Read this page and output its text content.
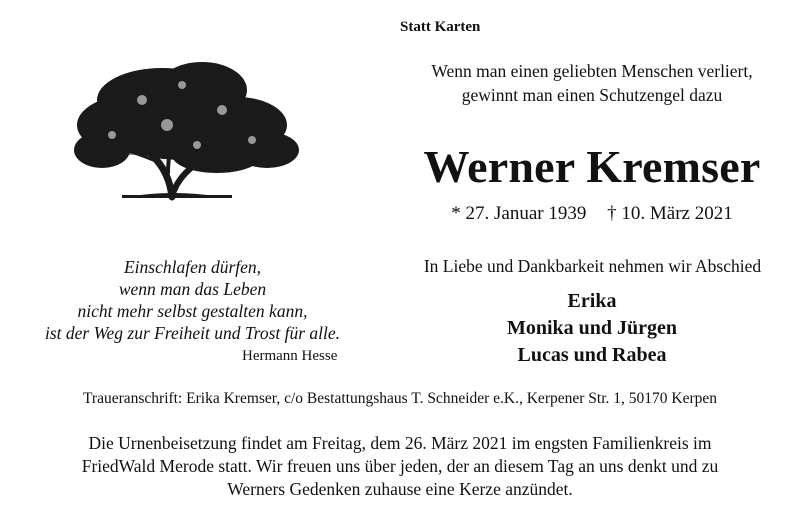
Statt Karten
Wenn man einen geliebten Menschen verliert,
gewinnt man einen Schutzengel dazu
Werner Kremser
* 27. Januar 1939 † 10. März 2021
Einschlafen dürfen,
wenn man das Leben
nicht mehr selbst gestalten kann,
ist der Weg zur Freiheit und Trost für alle.
Hermann Hesse
In Liebe und Dankbarkeit nehmen wir Abschied
Erika
Monika und Jürgen
Lucas und Rabea
Traueranschrift: Erika Kremser, c/o Bestattungshaus T. Schneider e.K., Kerpener Str. 1, 50170 Kerpen
Die Urnenbeisetzung findet am Freitag, dem 26. März 2021 im engsten Familienkreis im
FriedWald Merode statt. Wir freuen uns über jeden, der an diesem Tag an uns denkt und zu
Werners Gedenken zuhause eine Kerze anzündet.
